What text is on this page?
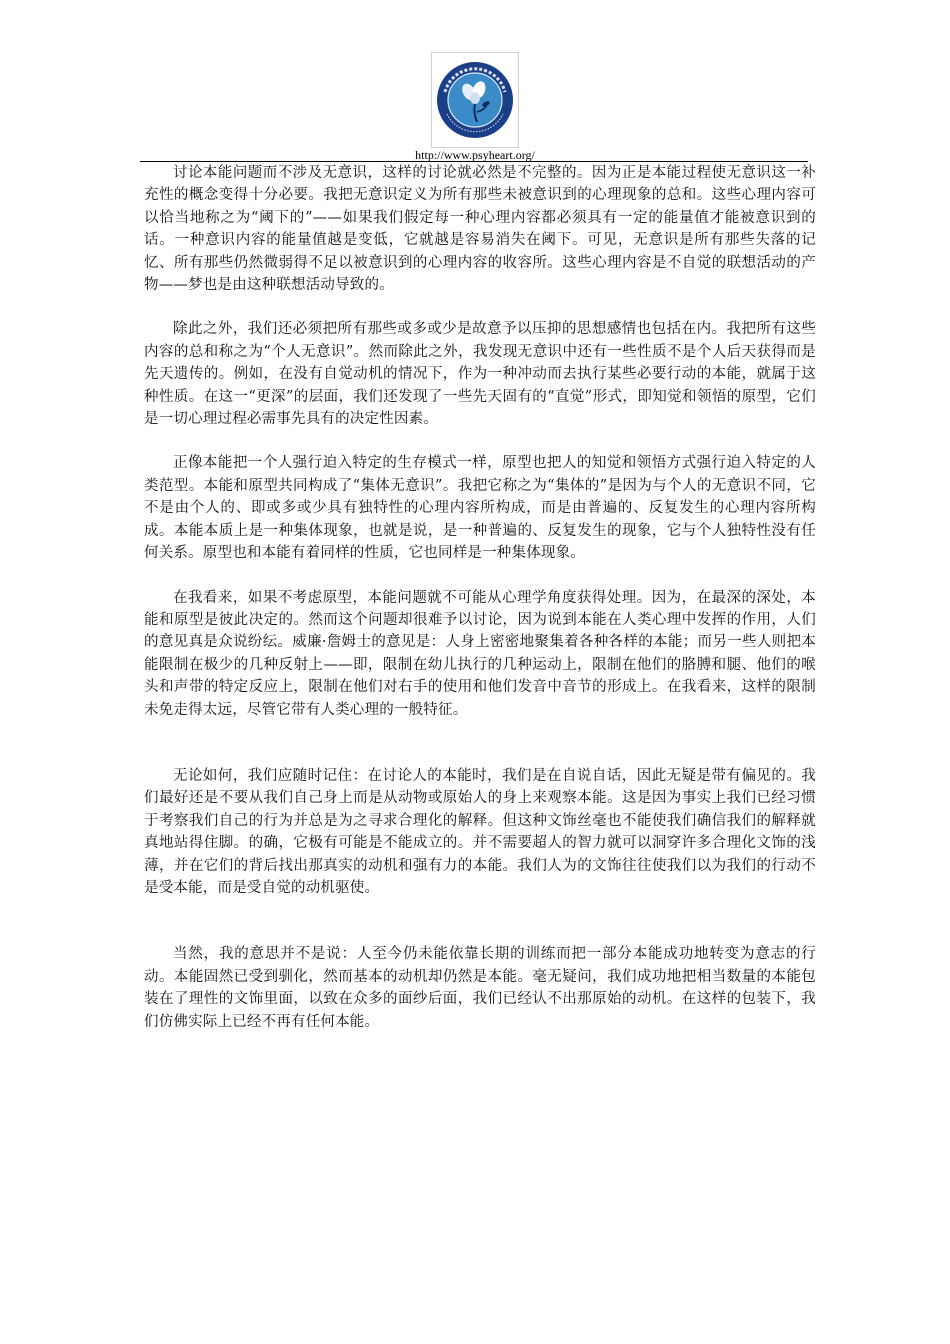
http://www.psyheart.org/

讨论本能问题而不涉及无意识，这样的讨论就必然是不完整的。因为正是本能过程使无意识这一补充性的概念变得十分必要。我把无意识定义为所有那些未被意识到的心理现象的总和。这些心理内容可以恰当地称之为“阈下的”——如果我们假定每一种心理内容都必须具有一定的能量值才能被意识到的话。一种意识内容的能量值越是变低，它就越是容易消失在阈下。可见，无意识是所有那些失落的记忆、所有那些仍然微弱得不足以被意识到的心理内容的收容所。这些心理内容是不自觉的联想活动的产物——梦也是由这种联想活动导致的。

除此之外，我们还必须把所有那些或多或少是故意予以压抑的思想感情也包括在内。我把所有这些内容的总和称之为“个人无意识”。然而除此之外，我发现无意识中还有一些性质不是个人后天获得而是先天遗传的。例如，在没有自觉动机的情况下，作为一种冲动而去执行某些必要行动的本能，就属于这种性质。在这一“更深”的层面，我们还发现了一些先天固有的“直觉”形式，即知觉和领悟的原型，它们是一切心理过程必需事先具有的决定性因素。

正像本能把一个人强行迫入特定的生存模式一样，原型也把人的知觉和领悟方式强行迫入特定的人类范型。本能和原型共同构成了“集体无意识”。我把它称之为“集体的”是因为与个人的无意识不同，它不是由个人的、即或多或少具有独特性的心理内容所构成，而是由普遍的、反复发生的心理内容所构成。本能本质上是一种集体现象，也就是说，是一种普遍的、反复发生的现象，它与个人独特性没有任何关系。原型也和本能有着同样的性质，它也同样是一种集体现象。

在我看来，如果不考虑原型，本能问题就不可能从心理学角度获得处理。因为，在最深的深处，本能和原型是彼此决定的。然而这个问题却很难予以讨论，因为说到本能在人类心理中发挥的作用，人们的意见真是众说纷纭。威廉·詹姆士的意见是：人身上密密地聚集着各种各样的本能；而另一些人则把本能限制在极少的几种反射上——即，限制在幼儿执行的几种运动上，限制在他们的胳膊和腿、他们的喉头和声带的特定反应上，限制在他们对右手的使用和他们发音中音节的形成上。在我看来，这样的限制未免走得太远，尽管它带有人类心理的一般特征。

无论如何，我们应随时记住：在讨论人的本能时，我们是在自说自话，因此无疑是带有偏见的。我们最好还是不要从我们自己身上而是从动物或原始人的身上来观察本能。这是因为事实上我们已经习惯于考察我们自己的行为并总是为之寻求合理化的解释。但这种文饰丝毫也不能使我们确信我们的解释就真地站得住脚。的确，它极有可能是不能成立的。并不需要超人的智力就可以洞穿许多合理化文饰的浅薄，并在它们的背后找出那真实的动机和强有力的本能。我们人为的文饰往往使我们以为我们的行动不是受本能，而是受自觉的动机驱使。

当然，我的意思并不是说：人至今仍未能依靠长期的训练而把一部分本能成功地转变为意志的行动。本能固然已受到驯化，然而基本的动机却仍然是本能。毫无疑问，我们成功地把相当数量的本能包装在了理性的文饰里面，以致在众多的面纱后面，我们已经认不出那原始的动机。在这样的包装下，我们仿佛实际上已经不再有任何本能。
